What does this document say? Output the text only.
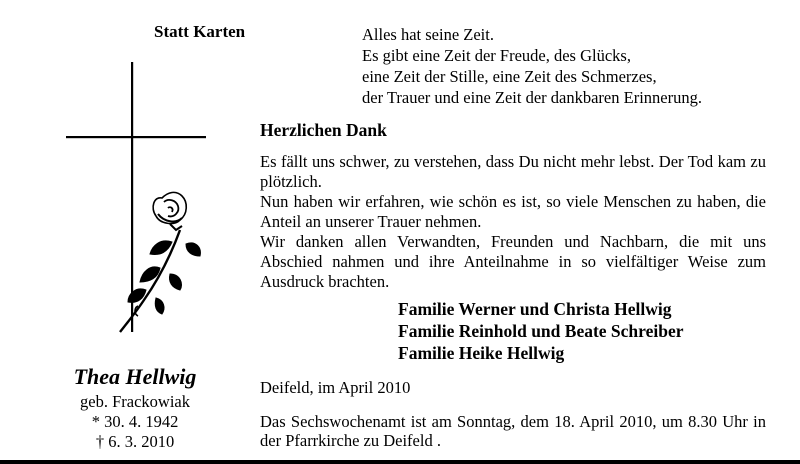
Statt Karten	Alles hat seine Zeit.
Es gibt eine Zeit der Freude, des Glücks,
eine Zeit der Stille, eine Zeit des Schmerzes,
der Trauer und eine Zeit der dankbaren Erinnerung.
Herzlichen Dank

Es fällt uns schwer, zu verstehen, dass Du nicht mehr lebst. Der Tod kam zu plötzlich.

Nun haben wir erfahren, wie schön es ist, so viele Menschen zu haben, die Anteil an unserer Trauer nehmen.

Wir danken allen Verwandten, Freunden und Nachbarn, die mit uns Abschied nahmen und ihre Anteilnahme in so vielfältiger Weise zum Ausdruck brachten.

Familie Werner und Christa Hellwig
Familie Reinhold und Beate Schreiber
Familie Heike Hellwig
Thea Hellwig
geb. Frackowiak
* 30. 4. 1942
† 6. 3. 2010
Deifeld, im April 2010

Das Sechswochenamt ist am Sonntag, dem 18. April 2010, um 8.30 Uhr in der Pfarrkirche zu Deifeld .
